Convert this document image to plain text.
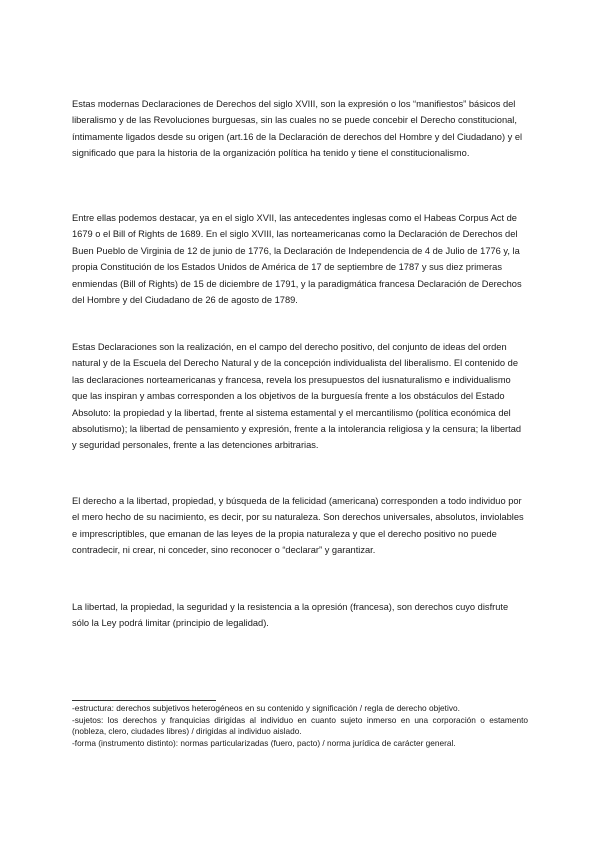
Estas modernas Declaraciones de Derechos del siglo XVIII, son la expresión o los “manifiestos” básicos del liberalismo y de las Revoluciones burguesas, sin las cuales no se puede concebir el Derecho constitucional, íntimamente ligados desde su origen (art.16 de la Declaración de derechos del Hombre y del Ciudadano) y el significado que para la historia de la organización política ha tenido y tiene el constitucionalismo.

Entre ellas podemos destacar, ya en el siglo XVII, las antecedentes inglesas como el Habeas Corpus Act de 1679 o el Bill of Rights de 1689. En el siglo XVIII, las norteamericanas como la Declaración de Derechos del Buen Pueblo de Virginia de 12 de junio de 1776, la Declaración de Independencia de 4 de Julio de 1776 y, la propia Constitución de los Estados Unidos de América de 17 de septiembre de 1787 y sus diez primeras enmiendas (Bill of Rights) de 15 de diciembre de 1791, y la paradigmática francesa Declaración de Derechos del Hombre y del Ciudadano de 26 de agosto de 1789.

Estas Declaraciones son la realización, en el campo del derecho positivo, del conjunto de ideas del orden natural y de la Escuela del Derecho Natural y de la concepción individualista del liberalismo. El contenido de las declaraciones norteamericanas y francesa, revela los presupuestos del iusnaturalismo e individualismo que las inspiran y ambas corresponden a los objetivos de la burguesía frente a los obstáculos del Estado Absoluto: la propiedad y la libertad, frente al sistema estamental y el mercantilismo (política económica del absolutismo); la libertad de pensamiento y expresión, frente a la intolerancia religiosa y la censura; la libertad y seguridad personales, frente a las detenciones arbitrarias.

El derecho a la libertad, propiedad, y búsqueda de la felicidad (americana) corresponden a todo individuo por el mero hecho de su nacimiento, es decir, por su naturaleza. Son derechos universales, absolutos, inviolables e imprescriptibles, que emanan de las leyes de la propia naturaleza y que el derecho positivo no puede contradecir, ni crear, ni conceder, sino reconocer o “declarar” y garantizar.

La libertad, la propiedad, la seguridad y la resistencia a la opresión (francesa), son derechos cuyo disfrute sólo la Ley podrá limitar (principio de legalidad).

-estructura: derechos subjetivos heterogéneos en su contenido y significación / regla de derecho objetivo.
-sujetos: los derechos y franquicias dirigidas al individuo en cuanto sujeto inmerso en una corporación o estamento (nobleza, clero, ciudades libres) / dirigidas al individuo aislado.
-forma (instrumento distinto): normas particularizadas (fuero, pacto) / norma jurídica de carácter general.
